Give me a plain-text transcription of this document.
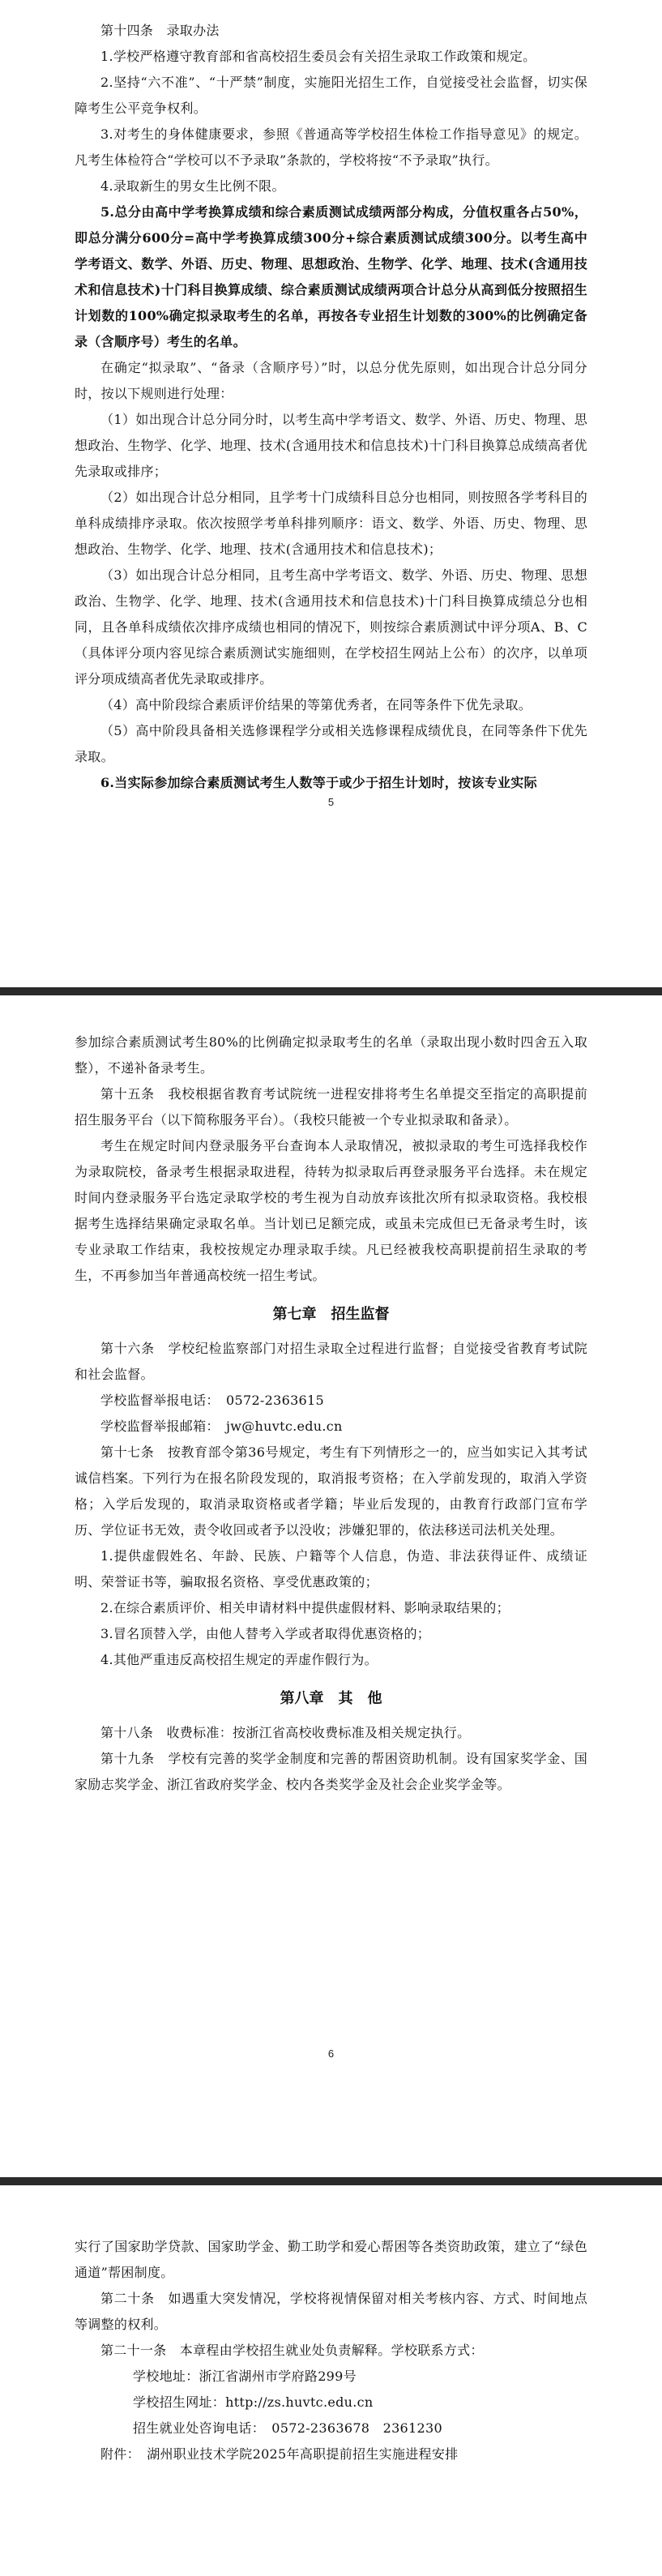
第十四条　录取办法

1.学校严格遵守教育部和省高校招生委员会有关招生录取工作政策和规定。

2.坚持“六不准”、“十严禁”制度，实施阳光招生工作，自觉接受社会监督，切实保障考生公平竞争权利。

3.对考生的身体健康要求，参照《普通高等学校招生体检工作指导意见》的规定。凡考生体检符合“学校可以不予录取”条款的，学校将按“不予录取”执行。

4.录取新生的男女生比例不限。

5.总分由高中学考换算成绩和综合素质测试成绩两部分构成，分值权重各占50%，即总分满分600分=高中学考换算成绩300分+综合素质测试成绩300分。以考生高中学考语文、数学、外语、历史、物理、思想政治、生物学、化学、地理、技术(含通用技术和信息技术)十门科目换算成绩、综合素质测试成绩两项合计总分从高到低分按照招生计划数的100%确定拟录取考生的名单，再按各专业招生计划数的300%的比例确定备录（含顺序号）考生的名单。

在确定“拟录取”、“备录（含顺序号）”时，以总分优先原则，如出现合计总分同分时，按以下规则进行处理：

（1）如出现合计总分同分时，以考生高中学考语文、数学、外语、历史、物理、思想政治、生物学、化学、地理、技术(含通用技术和信息技术)十门科目换算总成绩高者优先录取或排序；

（2）如出现合计总分相同，且学考十门成绩科目总分也相同，则按照各学考科目的单科成绩排序录取。依次按照学考单科排列顺序：语文、数学、外语、历史、物理、思想政治、生物学、化学、地理、技术(含通用技术和信息技术)；

（3）如出现合计总分相同，且考生高中学考语文、数学、外语、历史、物理、思想政治、生物学、化学、地理、技术(含通用技术和信息技术)十门科目换算成绩总分也相同，且各单科成绩依次排序成绩也相同的情况下，则按综合素质测试中评分项A、B、C（具体评分项内容见综合素质测试实施细则，在学校招生网站上公布）的次序，以单项评分项成绩高者优先录取或排序。

（4）高中阶段综合素质评价结果的等第优秀者，在同等条件下优先录取。

（5）高中阶段具备相关选修课程学分或相关选修课程成绩优良，在同等条件下优先录取。

6.当实际参加综合素质测试考生人数等于或少于招生计划时，按该专业实际

5

参加综合素质测试考生80%的比例确定拟录取考生的名单（录取出现小数时四舍五入取整），不递补备录考生。

第十五条　我校根据省教育考试院统一进程安排将考生名单提交至指定的高职提前招生服务平台（以下简称服务平台）。（我校只能被一个专业拟录取和备录）。

考生在规定时间内登录服务平台查询本人录取情况，被拟录取的考生可选择我校作为录取院校，备录考生根据录取进程，待转为拟录取后再登录服务平台选择。未在规定时间内登录服务平台选定录取学校的考生视为自动放弃该批次所有拟录取资格。我校根据考生选择结果确定录取名单。当计划已足额完成，或虽未完成但已无备录考生时，该专业录取工作结束，我校按规定办理录取手续。凡已经被我校高职提前招生录取的考生，不再参加当年普通高校统一招生考试。

第七章　招生监督

第十六条　学校纪检监察部门对招生录取全过程进行监督；自觉接受省教育考试院和社会监督。

学校监督举报电话：　0572-2363615

学校监督举报邮箱：　jw@huvtc.edu.cn

第十七条　按教育部令第36号规定，考生有下列情形之一的，应当如实记入其考试诚信档案。下列行为在报名阶段发现的，取消报考资格；在入学前发现的，取消入学资格；入学后发现的，取消录取资格或者学籍；毕业后发现的，由教育行政部门宣布学历、学位证书无效，责令收回或者予以没收；涉嫌犯罪的，依法移送司法机关处理。

1.提供虚假姓名、年龄、民族、户籍等个人信息，伪造、非法获得证件、成绩证明、荣誉证书等，骗取报名资格、享受优惠政策的；

2.在综合素质评价、相关申请材料中提供虚假材料、影响录取结果的；

3.冒名顶替入学，由他人替考入学或者取得优惠资格的；

4.其他严重违反高校招生规定的弄虚作假行为。

第八章　其　他

第十八条　收费标准：按浙江省高校收费标准及相关规定执行。

第十九条　学校有完善的奖学金制度和完善的帮困资助机制。设有国家奖学金、国家励志奖学金、浙江省政府奖学金、校内各类奖学金及社会企业奖学金等。

6

实行了国家助学贷款、国家助学金、勤工助学和爱心帮困等各类资助政策，建立了“绿色通道”帮困制度。

第二十条　如遇重大突发情况，学校将视情保留对相关考核内容、方式、时间地点等调整的权利。

第二十一条　本章程由学校招生就业处负责解释。学校联系方式：

学校地址：浙江省湖州市学府路299号

学校招生网址：http://zs.huvtc.edu.cn

招生就业处咨询电话：　0572-2363678　2361230

附件：　湖州职业技术学院2025年高职提前招生实施进程安排
